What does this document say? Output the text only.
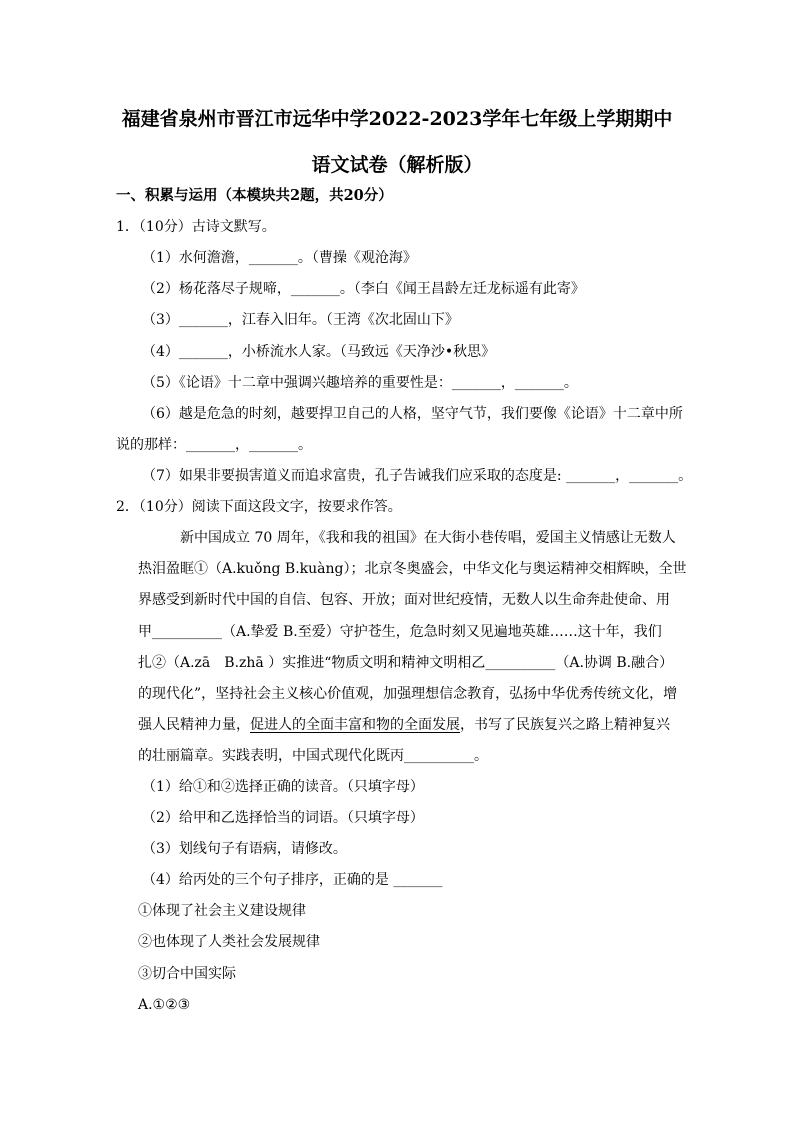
福建省泉州市晋江市远华中学2022-2023学年七年级上学期期中
语文试卷（解析版）
一、积累与运用（本模块共2题，共20分）
1．（10分）古诗文默写。
（1）水何澹澹，_______。（曹操《观沧海》
（2）杨花落尽子规啼，_______。（李白《闻王昌龄左迁龙标遥有此寄》
（3）_______，江春入旧年。（王湾《次北固山下》
（4）_______，小桥流水人家。（马致远《天净沙•秋思》
（5）《论语》十二章中强调兴趣培养的重要性是：_______，_______。
（6）越是危急的时刻，越要捍卫自己的人格，坚守气节，我们要像《论语》十二章中所
说的那样：_______，_______。
（7）如果非要损害道义而追求富贵，孔子告诫我们应采取的态度是: _______，_______。
2．（10分）阅读下面这段文字，按要求作答。
新中国成立 70 周年，《我和我的祖国》在大街小巷传唱，爱国主义情感让无数人
热泪盈眶①（A.kuǒng B.kuàng）；北京冬奥盛会，中华文化与奥运精神交相辉映，全世
界感受到新时代中国的自信、包容、开放；面对世纪疫情，无数人以生命奔赴使命、用
甲__________（A.挚爱 B.至爱）守护苍生，危急时刻又见遍地英雄……这十年，我们
扎②（A.zā　B.zhā ）实推进“物质文明和精神文明相乙__________（A.协调 B.融合）
的现代化”，坚持社会主义核心价值观，加强理想信念教育，弘扬中华优秀传统文化，增
强人民精神力量，促进人的全面丰富和物的全面发展，书写了民族复兴之路上精神复兴
的壮丽篇章。实践表明，中国式现代化既丙__________。
（1）给①和②选择正确的读音。（只填字母）
（2）给甲和乙选择恰当的词语。（只填字母）
（3）划线句子有语病，请修改。
（4）给丙处的三个句子排序，正确的是 _______
①体现了社会主义建设规律
②也体现了人类社会发展规律
③切合中国实际
A.①②③
